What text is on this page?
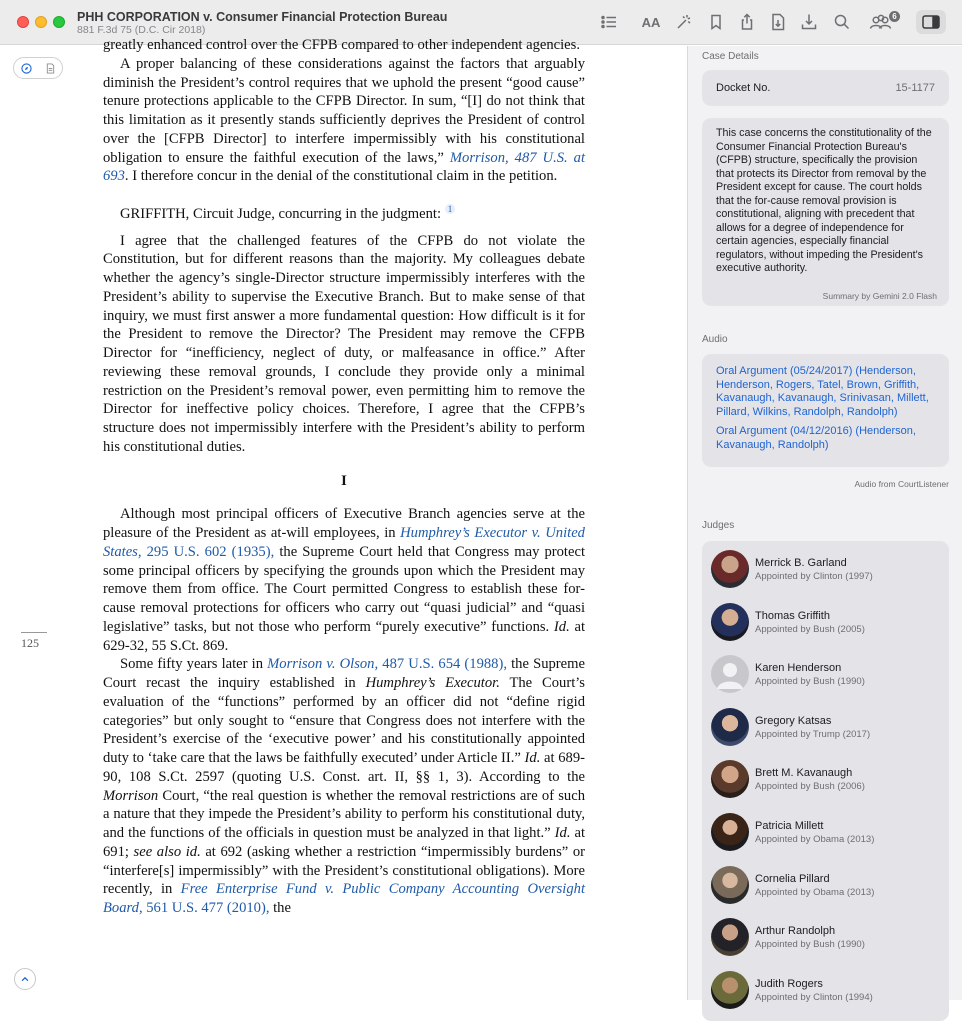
PHH CORPORATION v. Consumer Financial Protection Bureau
881 F.3d 75 (D.C. Cir 2018)
AA	6
125

greatly enhanced control over the CFPB compared to other independent agencies.

A proper balancing of these considerations against the factors that arguably diminish the President’s control requires that we uphold the present “good cause” tenure protections applicable to the CFPB Director. In sum, “[I] do not think that this limitation as it presently stands sufficiently deprives the President of control over the [CFPB Director] to interfere impermissibly with his constitutional obligation to ensure the faithful execution of the laws,” Morrison, 487 U.S. at 693. I therefore concur in the denial of the constitutional claim in the petition.

GRIFFITH, Circuit Judge, concurring in the judgment: $^1$

I agree that the challenged features of the CFPB do not violate the Constitution, but for different reasons than the majority. My colleagues debate whether the agency’s single-Director structure impermissibly interferes with the President’s ability to supervise the Executive Branch. But to make sense of that inquiry, we must first answer a more fundamental question: How difficult is it for the President to remove the Director? The President may remove the CFPB Director for “inefficiency, neglect of duty, or malfeasance in office.” After reviewing these removal grounds, I conclude they provide only a minimal restriction on the President’s removal power, even permitting him to remove the Director for ineffective policy choices. Therefore, I agree that the CFPB’s structure does not impermissibly interfere with the President’s ability to perform his constitutional duties.

I

Although most principal officers of Executive Branch agencies serve at the pleasure of the President as at-will employees, in Humphrey’s Executor v. United States, 295 U.S. 602 (1935), the Supreme Court held that Congress may protect some principal officers by specifying the grounds upon which the President may remove them from office. The Court permitted Congress to establish these for-cause removal protections for officers who carry out “quasi judicial” and “quasi legislative” tasks, but not those who perform “purely executive” functions. Id. at 629-32, 55 S.Ct. 869.

Some fifty years later in Morrison v. Olson, 487 U.S. 654 (1988), the Supreme Court recast the inquiry established in Humphrey’s Executor. The Court’s evaluation of the “functions” performed by an officer did not “define rigid categories” but only sought to “ensure that Congress does not interfere with the President’s exercise of the ‘executive power’ and his constitutionally appointed duty to ‘take care that the laws be faithfully executed’ under Article II.” Id. at 689-90, 108 S.Ct. 2597 (quoting U.S. Const. art. II, §§ 1, 3). According to the Morrison Court, “the real question is whether the removal restrictions are of such a nature that they impede the President’s ability to perform his constitutional duty, and the functions of the officials in question must be analyzed in that light.” Id. at 691; see also id. at 692 (asking whether a restriction “impermissibly burdens” or “interfere[s] impermissibly” with the President’s constitutional obligations). More recently, in Free Enterprise Fund v. Public Company Accounting Oversight Board, 561 U.S. 477 (2010), the

Case Details
Docket No.	15-1177
This case concerns the constitutionality of the Consumer Financial Protection Bureau's (CFPB) structure, specifically the provision that protects its Director from removal by the President except for cause. The court holds that the for-cause removal provision is constitutional, aligning with precedent that allows for a degree of independence for certain agencies, especially financial regulators, without impeding the President's executive authority.
Summary by Gemini 2.0 Flash
Audio
Oral Argument (05/24/2017) (Henderson, Henderson, Rogers, Tatel, Brown, Griffith, Kavanaugh, Kavanaugh, Srinivasan, Millett, Pillard, Wilkins, Randolph, Randolph)
Oral Argument (04/12/2016) (Henderson, Kavanaugh, Randolph)
Audio from CourtListener
Judges
Merrick B. Garland
Appointed by Clinton (1997)
Thomas Griffith
Appointed by Bush (2005)
Karen Henderson
Appointed by Bush (1990)
Gregory Katsas
Appointed by Trump (2017)
Brett M. Kavanaugh
Appointed by Bush (2006)
Patricia Millett
Appointed by Obama (2013)
Cornelia Pillard
Appointed by Obama (2013)
Arthur Randolph
Appointed by Bush (1990)
Judith Rogers
Appointed by Clinton (1994)
